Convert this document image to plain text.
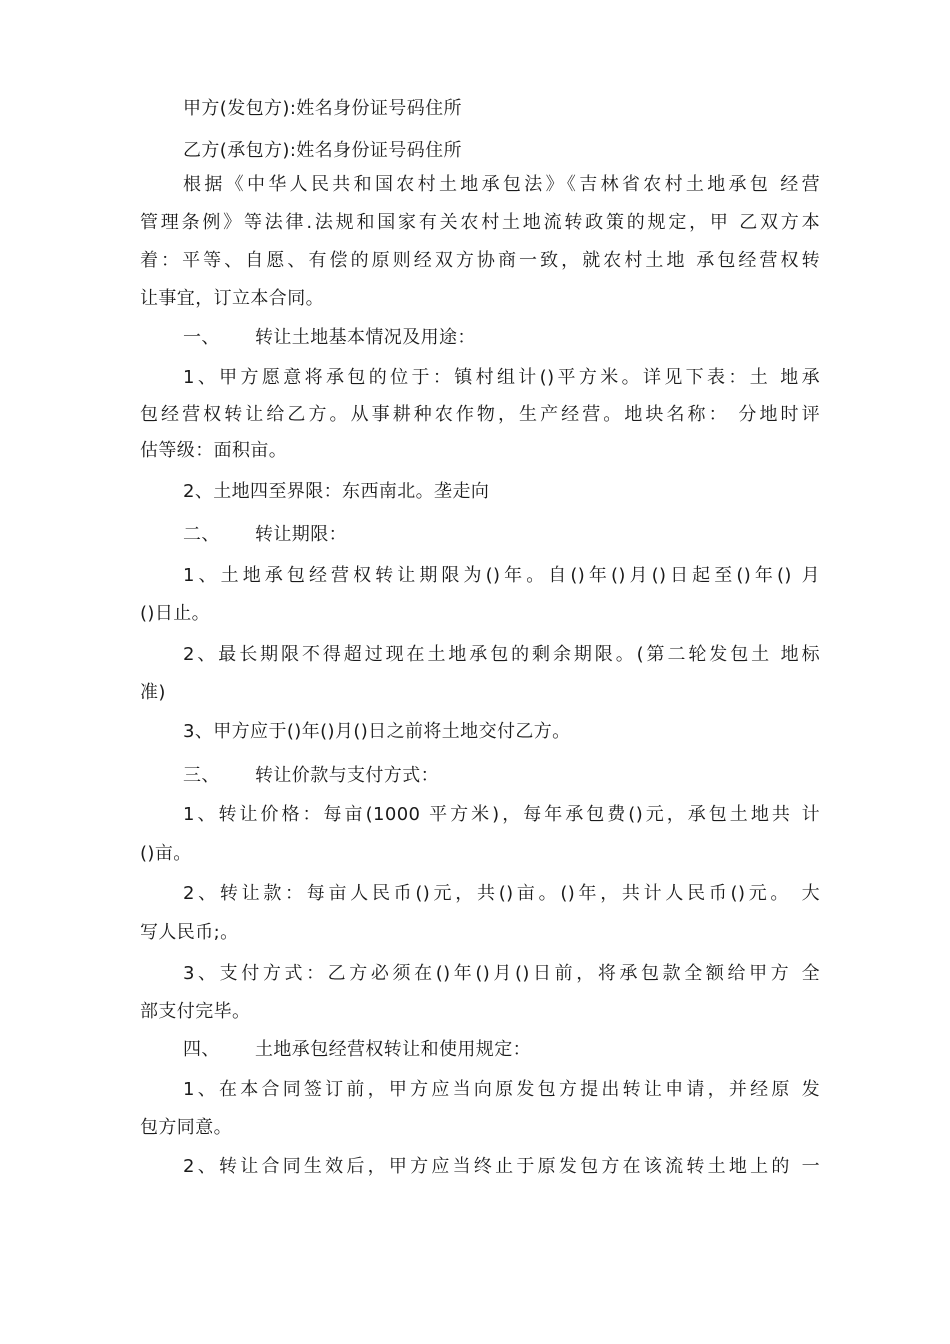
甲方(发包方):姓名身份证号码住所
乙方(承包方):姓名身份证号码住所
根据《中华人民共和国农村土地承包法》《吉林省农村土地承包 经营
管理条例》等法律.法规和国家有关农村土地流转政策的规定，甲 乙双方本
着：平等、自愿、有偿的原则经双方协商一致，就农村土地 承包经营权转
让事宜，订立本合同。
一、 转让土地基本情况及用途：
1、甲方愿意将承包的位于：镇村组计()平方米。详见下表：土 地承
包经营权转让给乙方。从事耕种农作物，生产经营。地块名称： 分地时评
估等级：面积亩。
2、土地四至界限：东西南北。垄走向
二、 转让期限：
1、土地承包经营权转让期限为()年。自()年()月()日起至()年() 月
()日止。
2、最长期限不得超过现在土地承包的剩余期限。(第二轮发包土 地标
准)
3、甲方应于()年()月()日之前将土地交付乙方。
三、 转让价款与支付方式：
1、转让价格：每亩(1000 平方米)，每年承包费()元，承包土地共 计
()亩。
2、转让款：每亩人民币()元，共()亩。()年，共计人民币()元。 大
写人民币;。
3、支付方式：乙方必须在()年()月()日前，将承包款全额给甲方 全
部支付完毕。
四、 土地承包经营权转让和使用规定：
1、在本合同签订前，甲方应当向原发包方提出转让申请，并经原 发
包方同意。
2、转让合同生效后，甲方应当终止于原发包方在该流转土地上的 一
